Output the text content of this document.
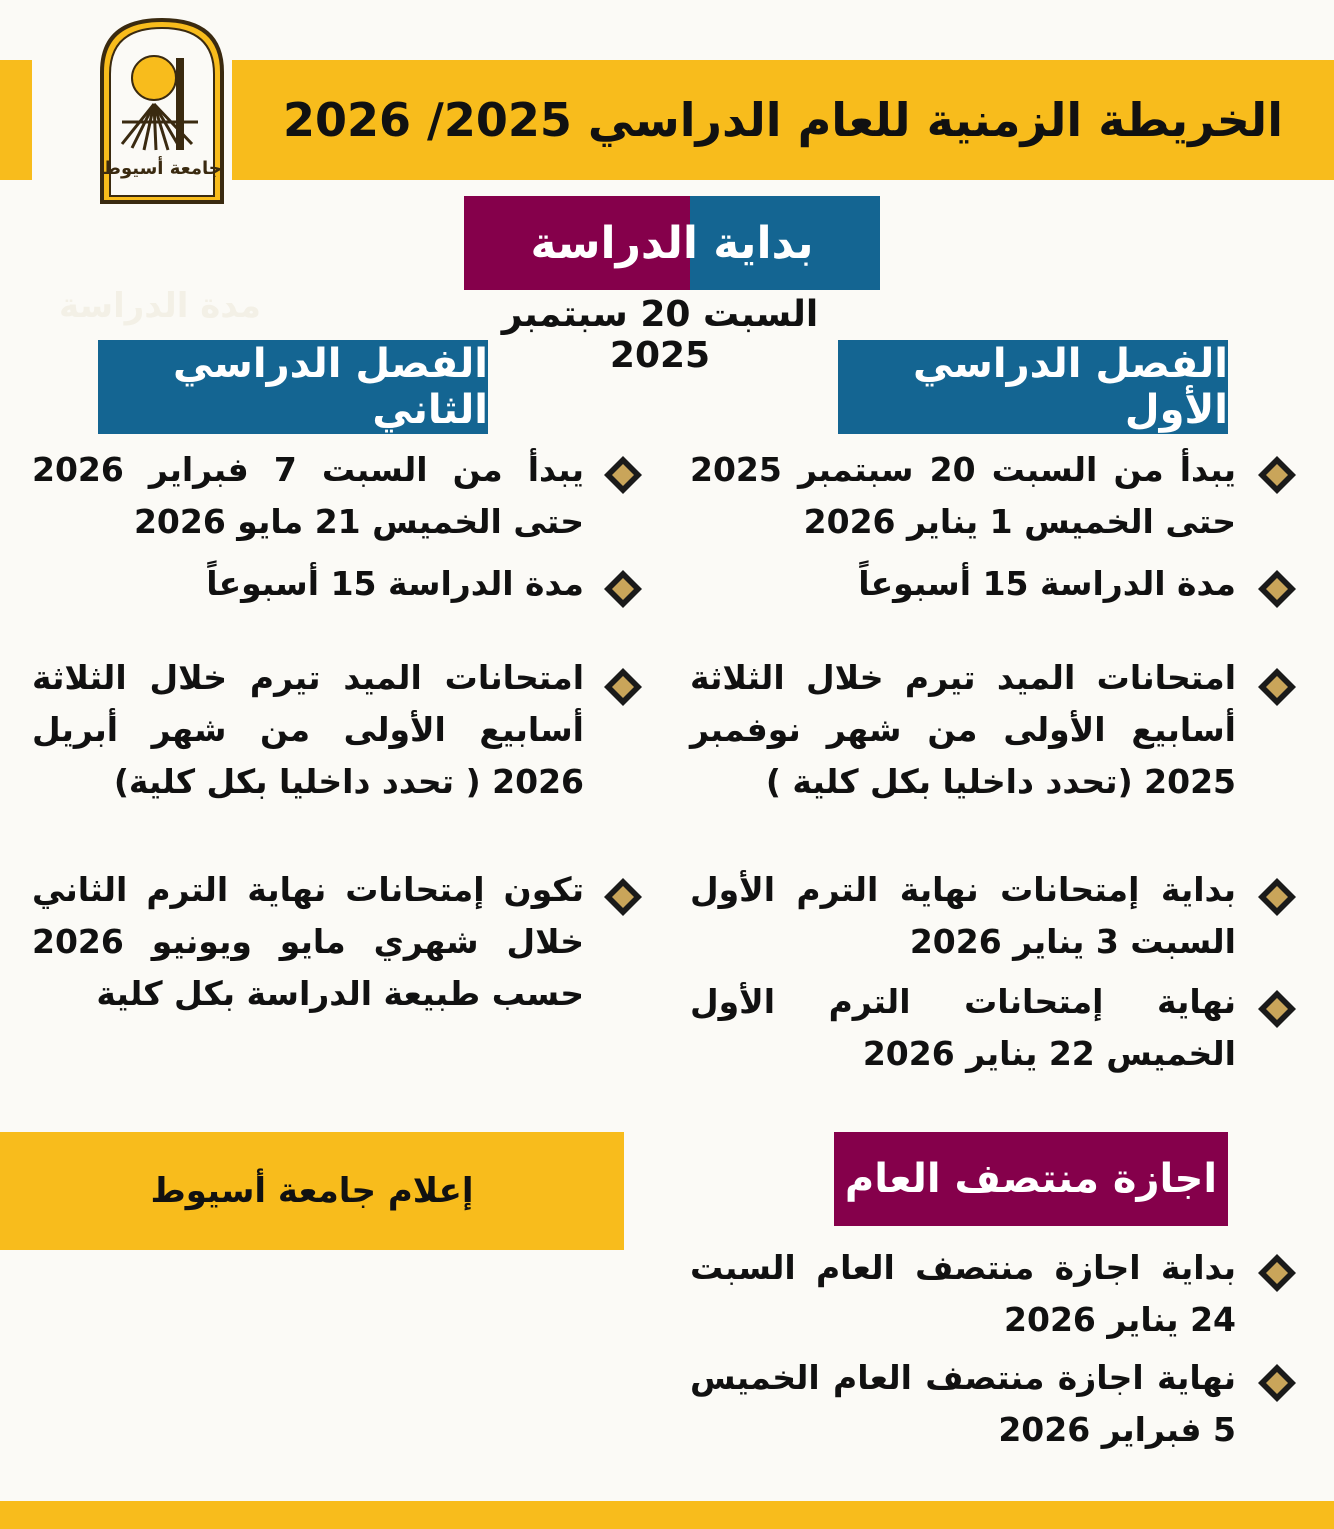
الخريطة الزمنية للعام الدراسي 2025/ 2026
جامعة أسيوط
بداية الدراسة
السبت 20 سبتمبر 2025
مدة الدراسة
الفصل الدراسي الأول
الفصل الدراسي الثاني
يبدأ من السبت 20 سبتمبر 2025 حتى الخميس 1 يناير 2026
مدة الدراسة 15 أسبوعاً
امتحانات الميد تيرم خلال الثلاثة أسابيع الأولى من شهر نوفمبر 2025 (تحدد داخليا بكل كلية )
بداية إمتحانات نهاية الترم الأول السبت 3 يناير 2026
نهاية إمتحانات الترم الأول الخميس 22 يناير 2026
يبدأ من السبت 7 فبراير 2026 حتى الخميس 21 مايو 2026
مدة الدراسة 15 أسبوعاً
امتحانات الميد تيرم خلال الثلاثة أسابيع الأولى من شهر أبريل 2026 ( تحدد داخليا بكل كلية)
تكون إمتحانات نهاية الترم الثاني خلال شهري مايو ويونيو 2026 حسب طبيعة الدراسة بكل كلية
اجازة منتصف العام
بداية اجازة منتصف العام السبت 24 يناير 2026
نهاية اجازة منتصف العام الخميس 5 فبراير 2026
إعلام جامعة أسيوط
